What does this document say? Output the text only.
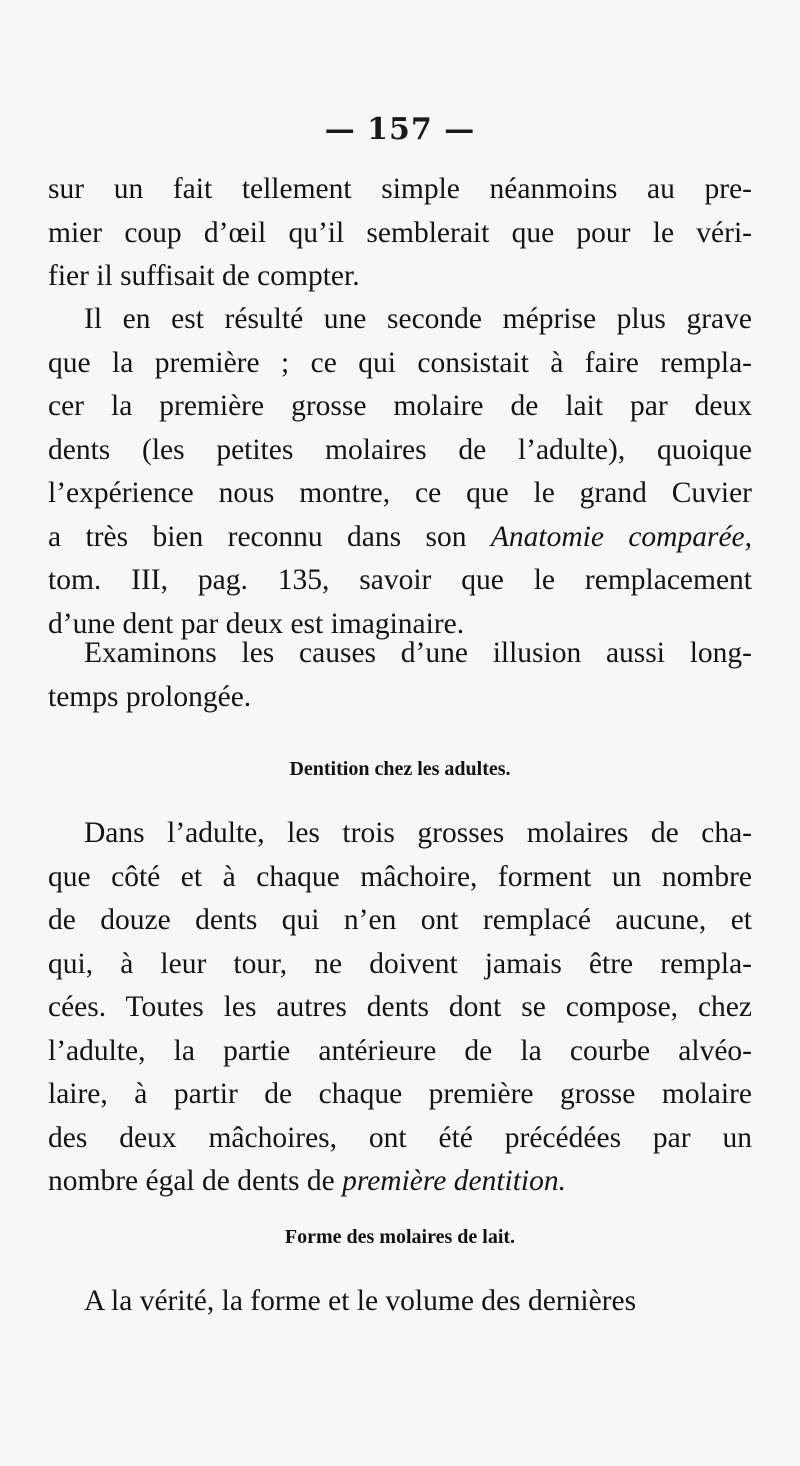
— 157 —
sur un fait tellement simple néanmoins au pre-
mier coup d’œil qu’il semblerait que pour le véri-
fier il suffisait de compter.
Il en est résulté une seconde méprise plus grave
que la première ; ce qui consistait à faire rempla-
cer la première grosse molaire de lait par deux
dents (les petites molaires de l’adulte), quoique
l’expérience nous montre, ce que le grand Cuvier
a très bien reconnu dans son Anatomie comparée,
tom. III, pag. 135, savoir que le remplacement
d’une dent par deux est imaginaire.
Examinons les causes d’une illusion aussi long-
temps prolongée.
Dentition chez les adultes.
Dans l’adulte, les trois grosses molaires de cha-
que côté et à chaque mâchoire, forment un nombre
de douze dents qui n’en ont remplacé aucune, et
qui, à leur tour, ne doivent jamais être rempla-
cées. Toutes les autres dents dont se compose, chez
l’adulte, la partie antérieure de la courbe alvéo-
laire, à partir de chaque première grosse molaire
des deux mâchoires, ont été précédées par un
nombre égal de dents de première dentition.
Forme des molaires de lait.
A la vérité, la forme et le volume des dernières
